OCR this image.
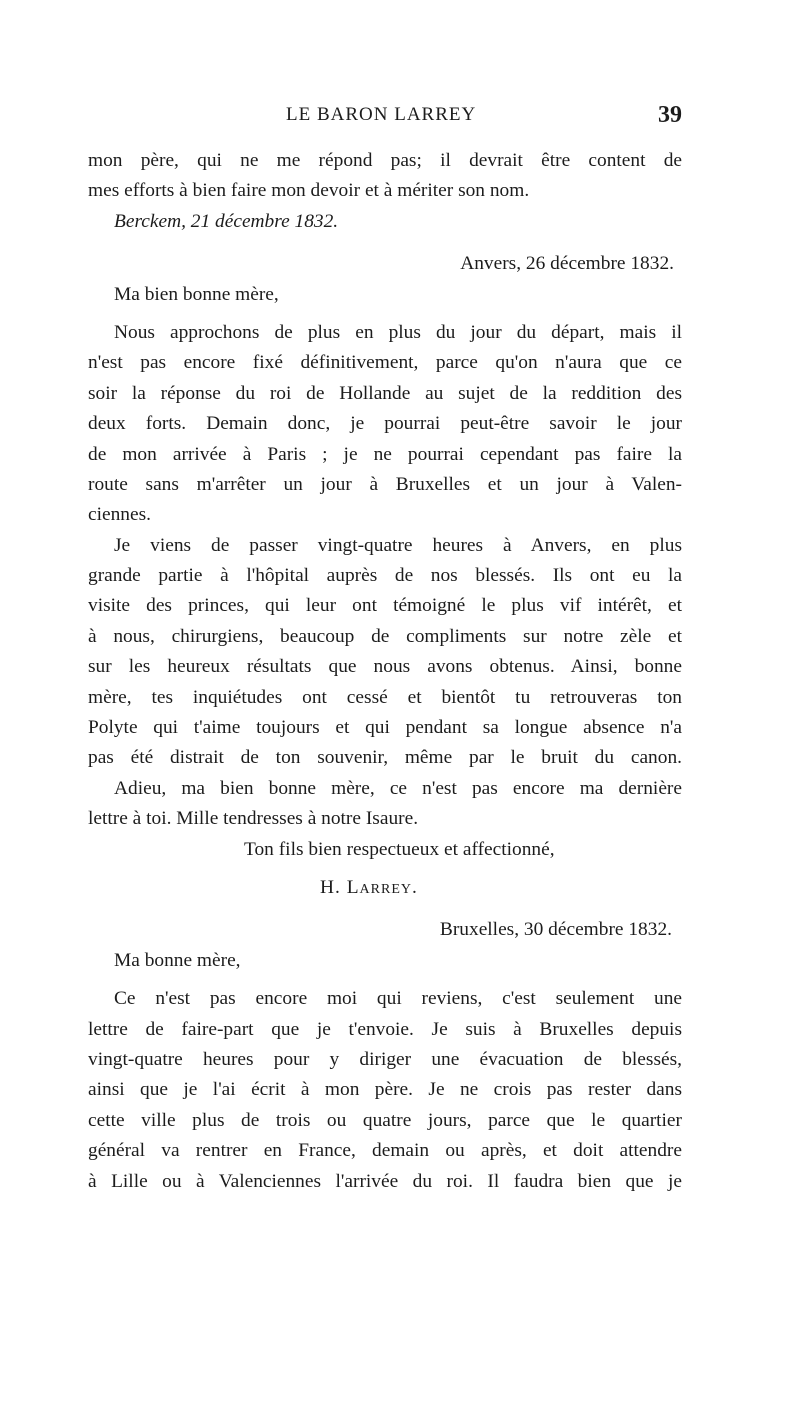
LE BARON LARREY	39
mon père, qui ne me répond pas; il devrait être content de
mes efforts à bien faire mon devoir et à mériter son nom.
Berckem, 21 décembre 1832.
Anvers, 26 décembre 1832.
Ma bien bonne mère,
Nous approchons de plus en plus du jour du départ, mais il
n'est pas encore fixé définitivement, parce qu'on n'aura que ce
soir la réponse du roi de Hollande au sujet de la reddition des
deux forts. Demain donc, je pourrai peut-être savoir le jour
de mon arrivée à Paris ; je ne pourrai cependant pas faire la
route sans m'arrêter un jour à Bruxelles et un jour à Valen-
ciennes.
Je viens de passer vingt-quatre heures à Anvers, en plus
grande partie à l'hôpital auprès de nos blessés. Ils ont eu la
visite des princes, qui leur ont témoigné le plus vif intérêt, et
à nous, chirurgiens, beaucoup de compliments sur notre zèle et
sur les heureux résultats que nous avons obtenus. Ainsi, bonne
mère, tes inquiétudes ont cessé et bientôt tu retrouveras ton
Polyte qui t'aime toujours et qui pendant sa longue absence n'a
pas été distrait de ton souvenir, même par le bruit du canon.
Adieu, ma bien bonne mère, ce n'est pas encore ma dernière
lettre à toi. Mille tendresses à notre Isaure.
Ton fils bien respectueux et affectionné,
H. Larrey.
Bruxelles, 30 décembre 1832.
Ma bonne mère,
Ce n'est pas encore moi qui reviens, c'est seulement une
lettre de faire-part que je t'envoie. Je suis à Bruxelles depuis
vingt-quatre heures pour y diriger une évacuation de blessés,
ainsi que je l'ai écrit à mon père. Je ne crois pas rester dans
cette ville plus de trois ou quatre jours, parce que le quartier
général va rentrer en France, demain ou après, et doit attendre
à Lille ou à Valenciennes l'arrivée du roi. Il faudra bien que je
